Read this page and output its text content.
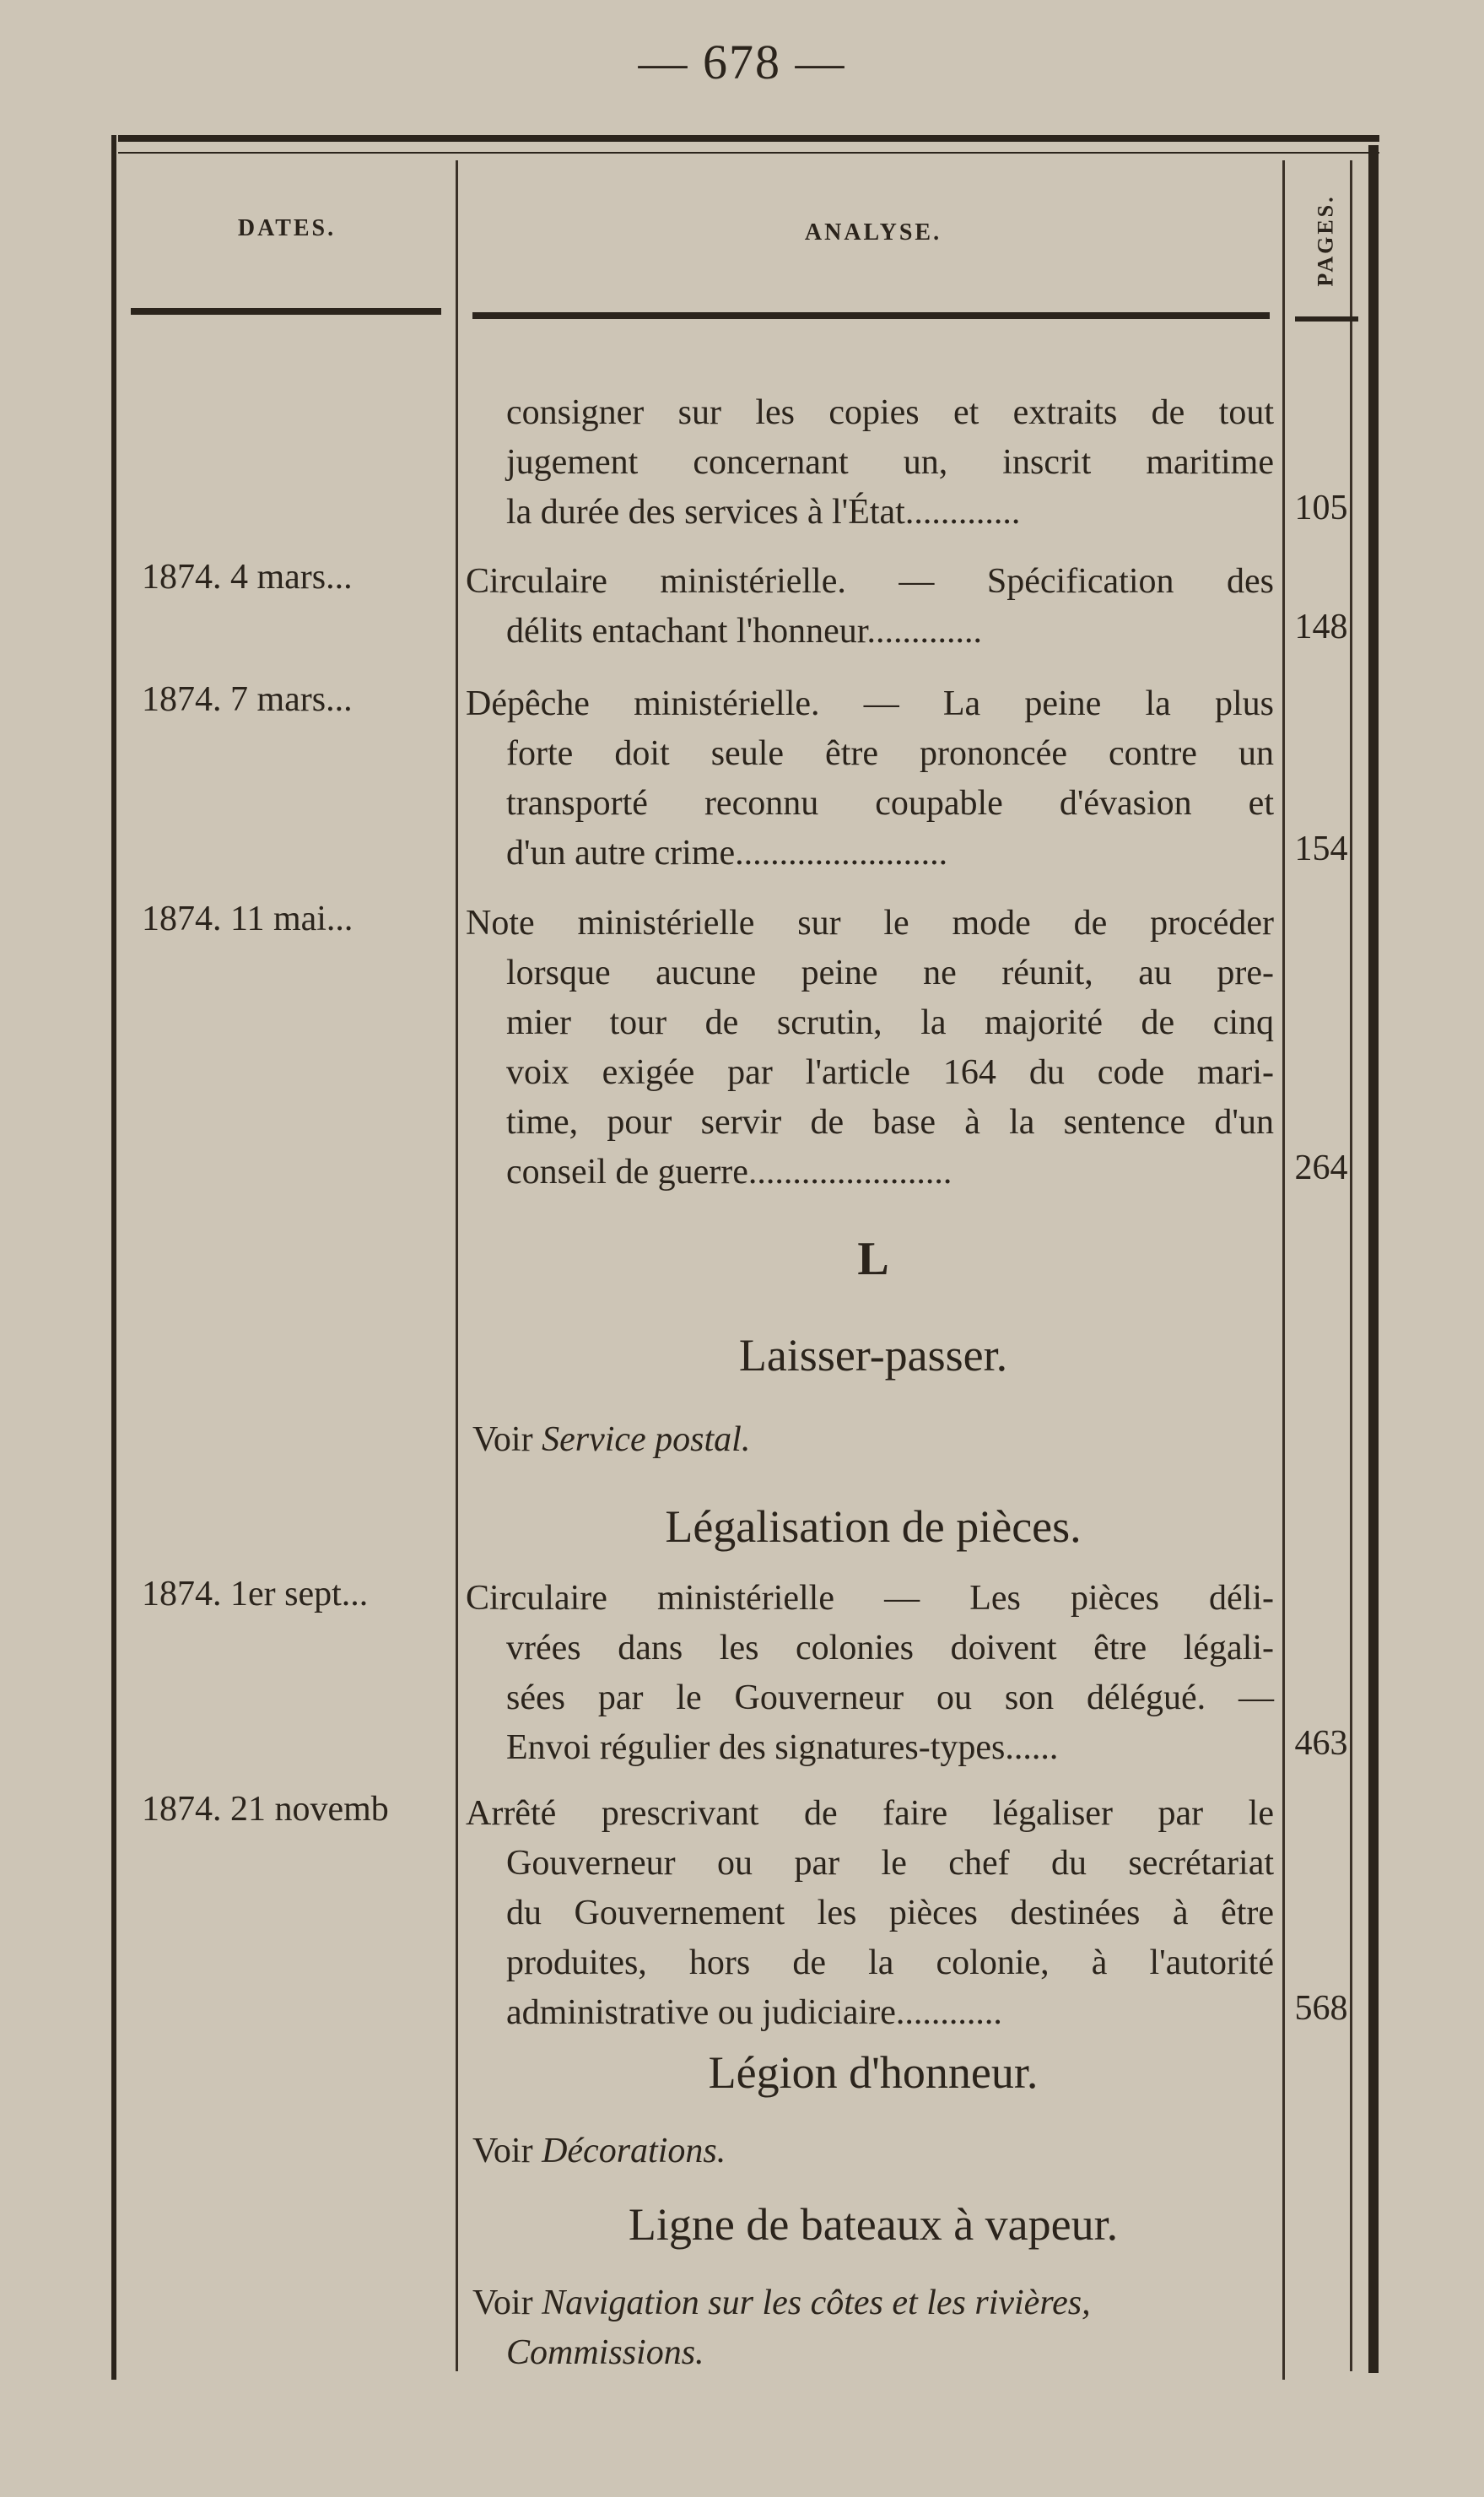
— 678 —
DATES.	ANALYSE.	PAGES.
consigner sur les copies et extraits de tout
jugement concernant un, inscrit maritime
la durée des services à l'État.............	105
1874. 4 mars...	Circulaire ministérielle. — Spécification des
délits entachant l'honneur.............	148
1874. 7 mars...	Dépêche ministérielle. — La peine la plus
forte doit seule être prononcée contre un
transporté reconnu coupable d'évasion et
d'un autre crime........................	154
1874. 11 mai...	Note ministérielle sur le mode de procéder
lorsque aucune peine ne réunit, au pre-
mier tour de scrutin, la majorité de cinq
voix exigée par l'article 164 du code mari-
time, pour servir de base à la sentence d'un
conseil de guerre.......................	264
L
Laisser-passer.
Voir Service postal.
Légalisation de pièces.
1874. 1er sept...	Circulaire ministérielle — Les pièces déli-
vrées dans les colonies doivent être légali-
sées par le Gouverneur ou son délégué. —
Envoi régulier des signatures-types......	463
1874. 21 novemb	Arrêté prescrivant de faire légaliser par le
Gouverneur ou par le chef du secrétariat
du Gouvernement les pièces destinées à être
produites, hors de la colonie, à l'autorité
administrative ou judiciaire............	568
Légion d'honneur.
Voir Décorations.
Ligne de bateaux à vapeur.
Voir Navigation sur les côtes et les rivières,
Commissions.
